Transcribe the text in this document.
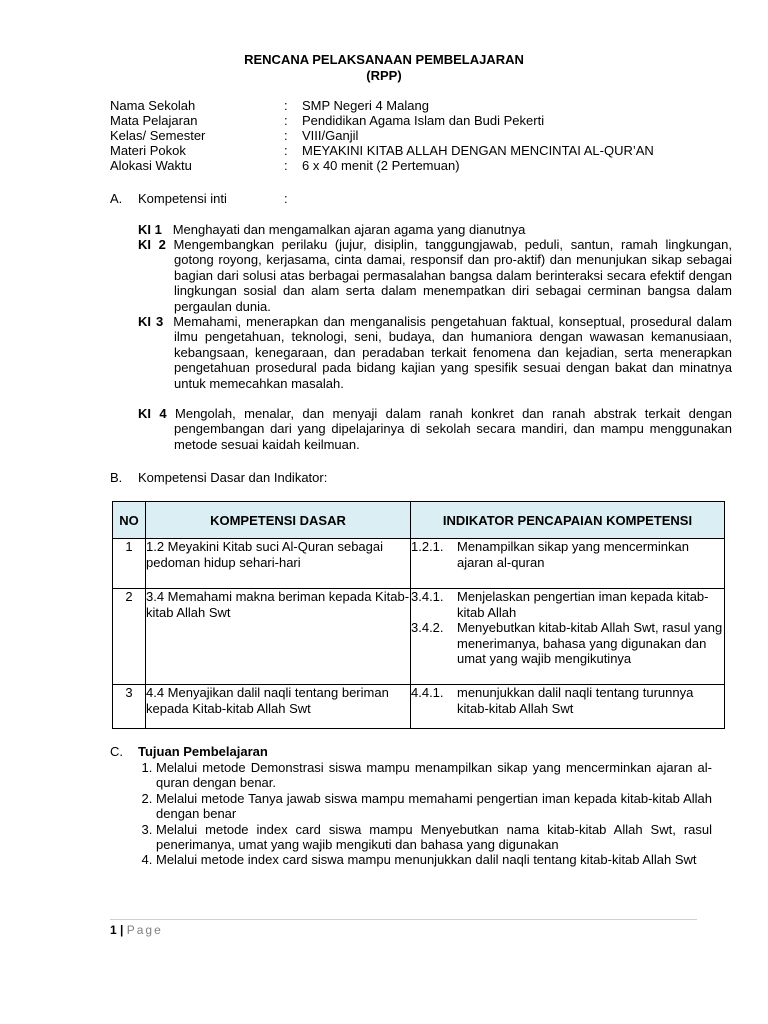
RENCANA PELAKSANAAN PEMBELAJARAN
(RPP)
Nama Sekolah	: SMP Negeri 4 Malang
Mata Pelajaran	: Pendidikan Agama Islam dan Budi Pekerti
Kelas/ Semester	: VIII/Ganjil
Materi Pokok	: MEYAKINI KITAB ALLAH DENGAN MENCINTAI AL-QUR’AN
Alokasi Waktu	: 6 x 40 menit (2 Pertemuan)
A. Kompetensi inti	:
KI 1 Menghayati dan mengamalkan ajaran agama yang dianutnya
KI 2 Mengembangkan perilaku (jujur, disiplin, tanggungjawab, peduli, santun, ramah lingkungan, gotong royong, kerjasama, cinta damai, responsif dan pro-aktif) dan menunjukan sikap sebagai bagian dari solusi atas berbagai permasalahan bangsa dalam berinteraksi secara efektif dengan lingkungan sosial dan alam serta dalam menempatkan diri sebagai cerminan bangsa dalam pergaulan dunia.
KI 3 Memahami, menerapkan dan menganalisis pengetahuan faktual, konseptual, prosedural dalam ilmu pengetahuan, teknologi, seni, budaya, dan humaniora dengan wawasan kemanusiaan, kebangsaan, kenegaraan, dan peradaban terkait fenomena dan kejadian, serta menerapkan pengetahuan prosedural pada bidang kajian yang spesifik sesuai dengan bakat dan minatnya untuk memecahkan masalah.
KI 4 Mengolah, menalar, dan menyaji dalam ranah konkret dan ranah abstrak terkait dengan pengembangan dari yang dipelajarinya di sekolah secara mandiri, dan mampu menggunakan metode sesuai kaidah keilmuan.
B. Kompetensi Dasar dan Indikator:
NO	KOMPETENSI DASAR	INDIKATOR PENCAPAIAN KOMPETENSI
1	1.2 Meyakini Kitab suci Al-Quran sebagai pedoman hidup sehari-hari	1.2.1. Menampilkan sikap yang mencerminkan ajaran al-quran

2	3.4 Memahami makna beriman kepada Kitab-kitab Allah Swt	3.4.1. Menjelaskan pengertian iman kepada kitab-kitab Allah
3.4.2. Menyebutkan kitab-kitab Allah Swt, rasul yang menerimanya, bahasa yang digunakan dan umat yang wajib mengikutinya

3	4.4 Menyajikan dalil naqli tentang beriman kepada Kitab-kitab Allah Swt	4.4.1. menunjukkan dalil naqli tentang turunnya kitab-kitab Allah Swt
C. Tujuan Pembelajaran
1. Melalui metode Demonstrasi siswa mampu menampilkan sikap yang mencerminkan ajaran al-quran dengan benar.
2. Melalui metode Tanya jawab siswa mampu memahami pengertian iman kepada kitab-kitab Allah dengan benar
3. Melalui metode index card siswa mampu Menyebutkan nama kitab-kitab Allah Swt, rasul penerimanya, umat yang wajib mengikuti dan bahasa yang digunakan
4. Melalui metode index card siswa mampu menunjukkan dalil naqli tentang kitab-kitab Allah Swt
1 | Page
